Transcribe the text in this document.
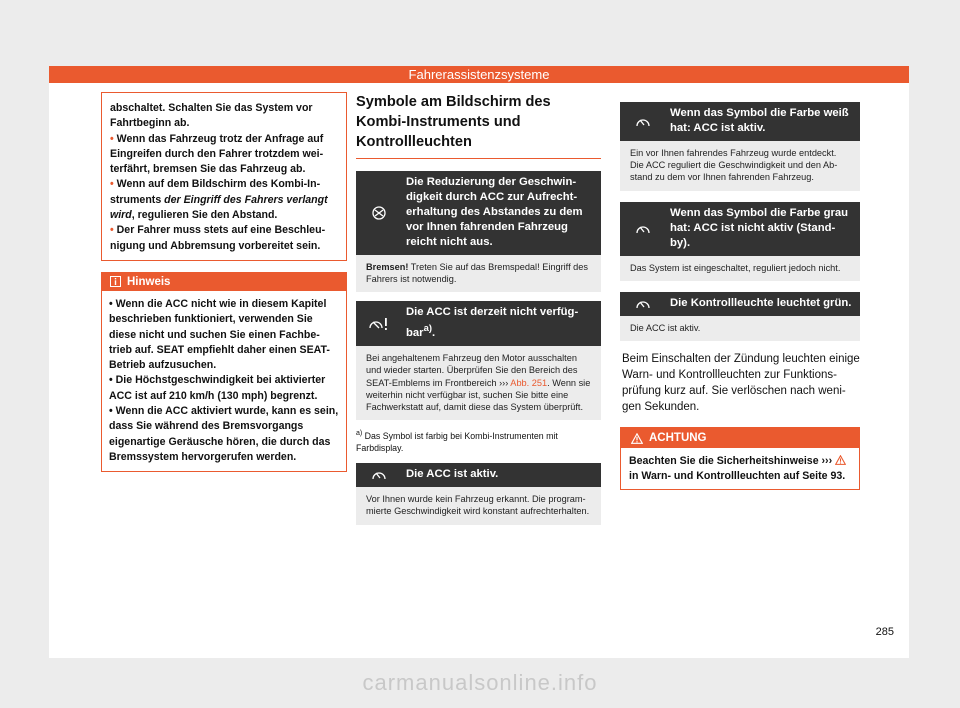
Fahrerassistenzsysteme

abschaltet. Schalten Sie das System vor Fahrtbeginn ab.

• Wenn das Fahrzeug trotz der Anfrage auf Eingreifen durch den Fahrer trotzdem weiterfährt, bremsen Sie das Fahrzeug ab.

• Wenn auf dem Bildschirm des Kombi-Instruments der Eingriff des Fahrers verlangt wird, regulieren Sie den Abstand.

• Der Fahrer muss stets auf eine Beschleunigung und Abbremsung vorbereitet sein.

Hinweis

• Wenn die ACC nicht wie in diesem Kapitel beschrieben funktioniert, verwenden Sie diese nicht und suchen Sie einen Fachbetrieb auf. SEAT empfiehlt daher einen SEAT-Betrieb aufzusuchen.

• Die Höchstgeschwindigkeit bei aktivierter ACC ist auf 210 km/h (130 mph) begrenzt.

• Wenn die ACC aktiviert wurde, kann es sein, dass Sie während des Bremsvorgangs eigenartige Geräusche hören, die durch das Bremssystem hervorgerufen werden.

Symbole am Bildschirm des Kombi-Instruments und Kontrollleuchten
Die Reduzierung der Geschwindigkeit durch ACC zur Aufrechterhaltung des Abstandes zu dem vor Ihnen fahrenden Fahrzeug reicht nicht aus.
Bremsen! Treten Sie auf das Bremspedal! Eingriff des Fahrers ist notwendig.
Die ACC ist derzeit nicht verfügbar$^{a)}$.
Bei angehaltenem Fahrzeug den Motor ausschalten und wieder starten. Überprüfen Sie den Bereich des SEAT-Emblems im Frontbereich ››› Abb. 251. Wenn sie weiterhin nicht verfügbar ist, suchen Sie bitte eine Fachwerkstatt auf, damit diese das System überprüft.
$^{a)}$ Das Symbol ist farbig bei Kombi-Instrumenten mit Farbdisplay.
Die ACC ist aktiv.
Vor Ihnen wurde kein Fahrzeug erkannt. Die programmierte Geschwindigkeit wird konstant aufrechterhalten.
Wenn das Symbol die Farbe weiß hat: ACC ist aktiv.
Ein vor Ihnen fahrendes Fahrzeug wurde entdeckt. Die ACC reguliert die Geschwindigkeit und den Abstand zu dem vor Ihnen fahrenden Fahrzeug.
Wenn das Symbol die Farbe grau hat: ACC ist nicht aktiv (Stand-by).
Das System ist eingeschaltet, reguliert jedoch nicht.
Die Kontrollleuchte leuchtet grün.
Die ACC ist aktiv.
Beim Einschalten der Zündung leuchten einige Warn- und Kontrollleuchten zur Funktionsprüfung kurz auf. Sie verlöschen nach wenigen Sekunden.
ACHTUNG

Beachten Sie die Sicherheitshinweise ›››
in Warn- und Kontrollleuchten auf Seite 93.

285
carmanualsonline.info
